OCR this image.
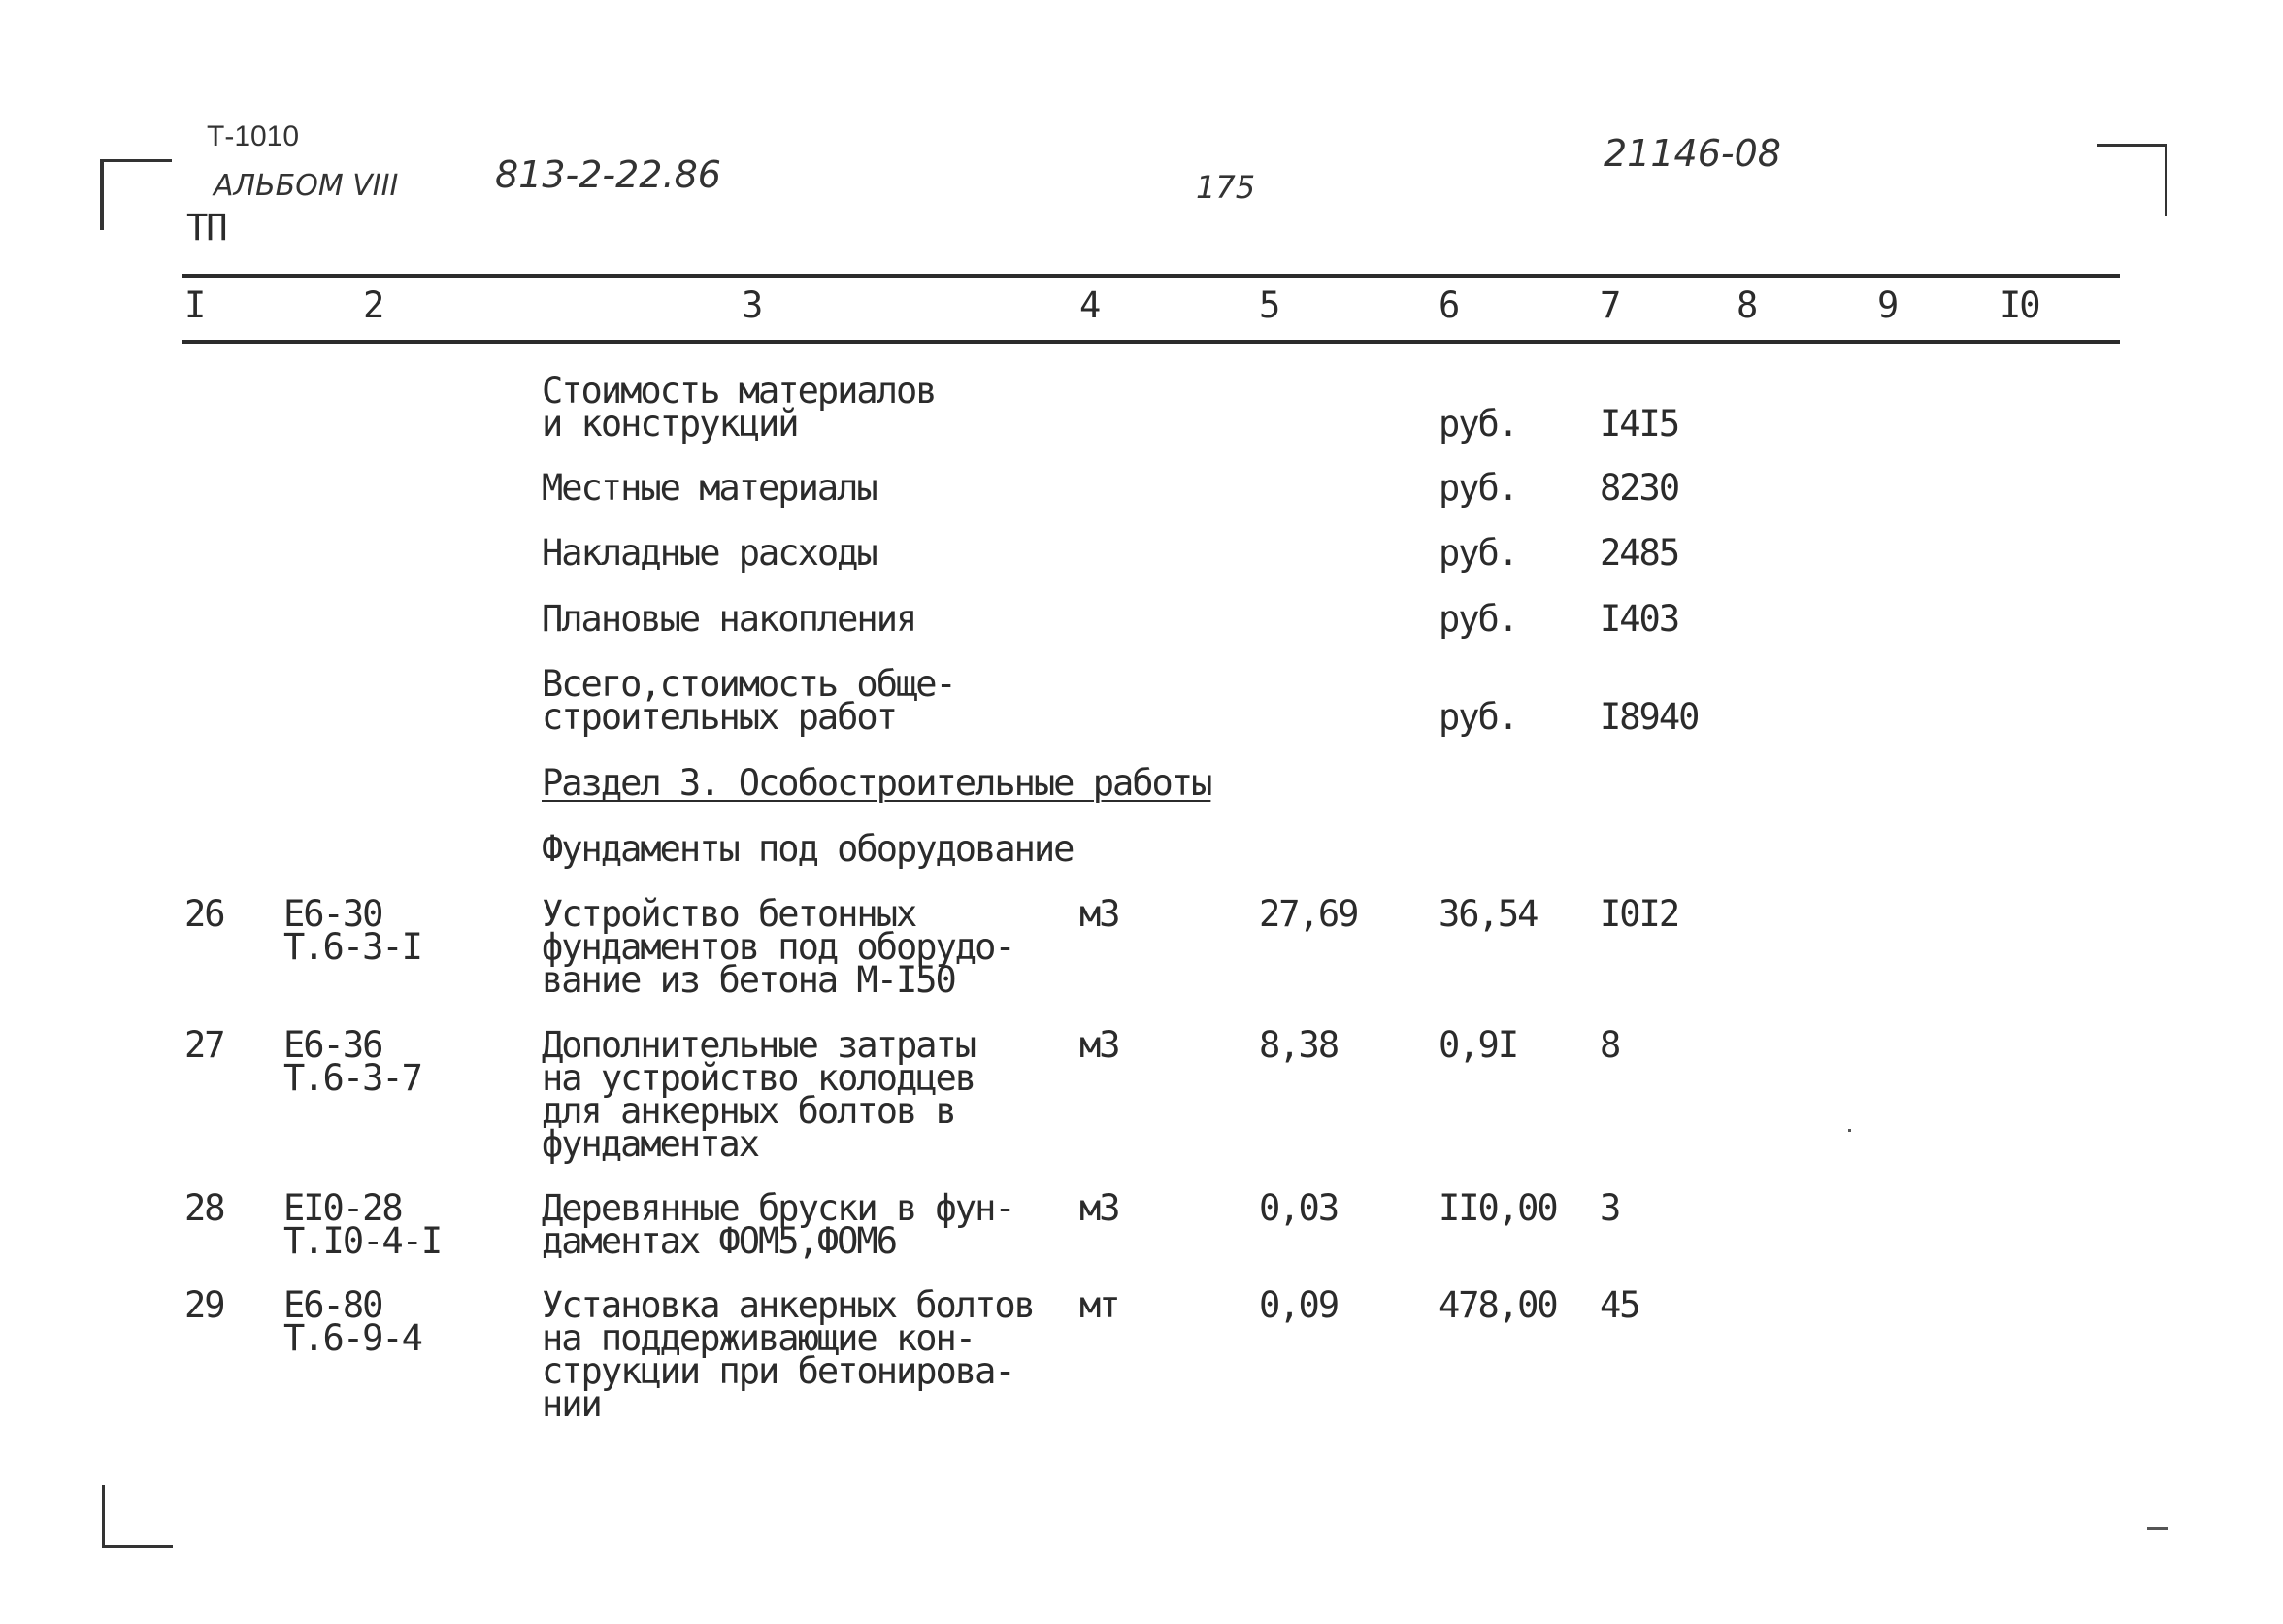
Т-1010
АЛЬБОМ VIII
ТП
813-2-22.86	175
21146-08
I	2	3	4	5	6	7	8	9	I0
Стоимость материалов
и конструкций	руб. I4I5
Местные материалы	руб. 8230
Накладные расходы	руб. 2485
Плановые накопления	руб. I403
Всего,стоимость обще-
строительных работ	руб. I8940
Раздел 3. Особостроительные работы
Фундаменты под оборудование
26 Е6-30
Т.6-3-I
Устройство бетонных
фундаментов под оборудо-
вание из бетона М-I50
м3	27,69 36,54 I0I2
27 Е6-36
Т.6-3-7
Дополнительные затраты
на устройство колодцев
для анкерных болтов в
фундаментах
м3	8,38	0,9I 8
28 ЕI0-28
Т.I0-4-I
Деревянные бруски в фун-
даментах ФОМ5,ФОМ6
м3	0,03	II0,00 3
29 Е6-80
Т.6-9-4
Установка анкерных болтов
на поддерживающие кон-
струкции при бетонирова-
нии
мт	0,09	478,00 45
